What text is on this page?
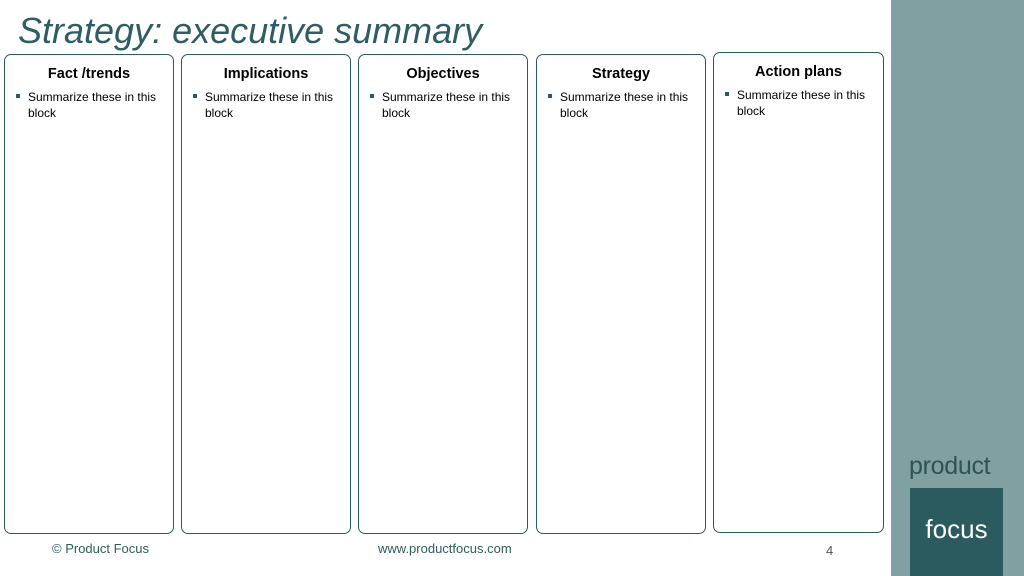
Strategy: executive summary
Fact /trends
Summarize these in this block
Implications
Summarize these in this block
Objectives
Summarize these in this block
Strategy
Summarize these in this block
Action plans
Summarize these in this block
product
focus
© Product Focus	www.productfocus.com	4
